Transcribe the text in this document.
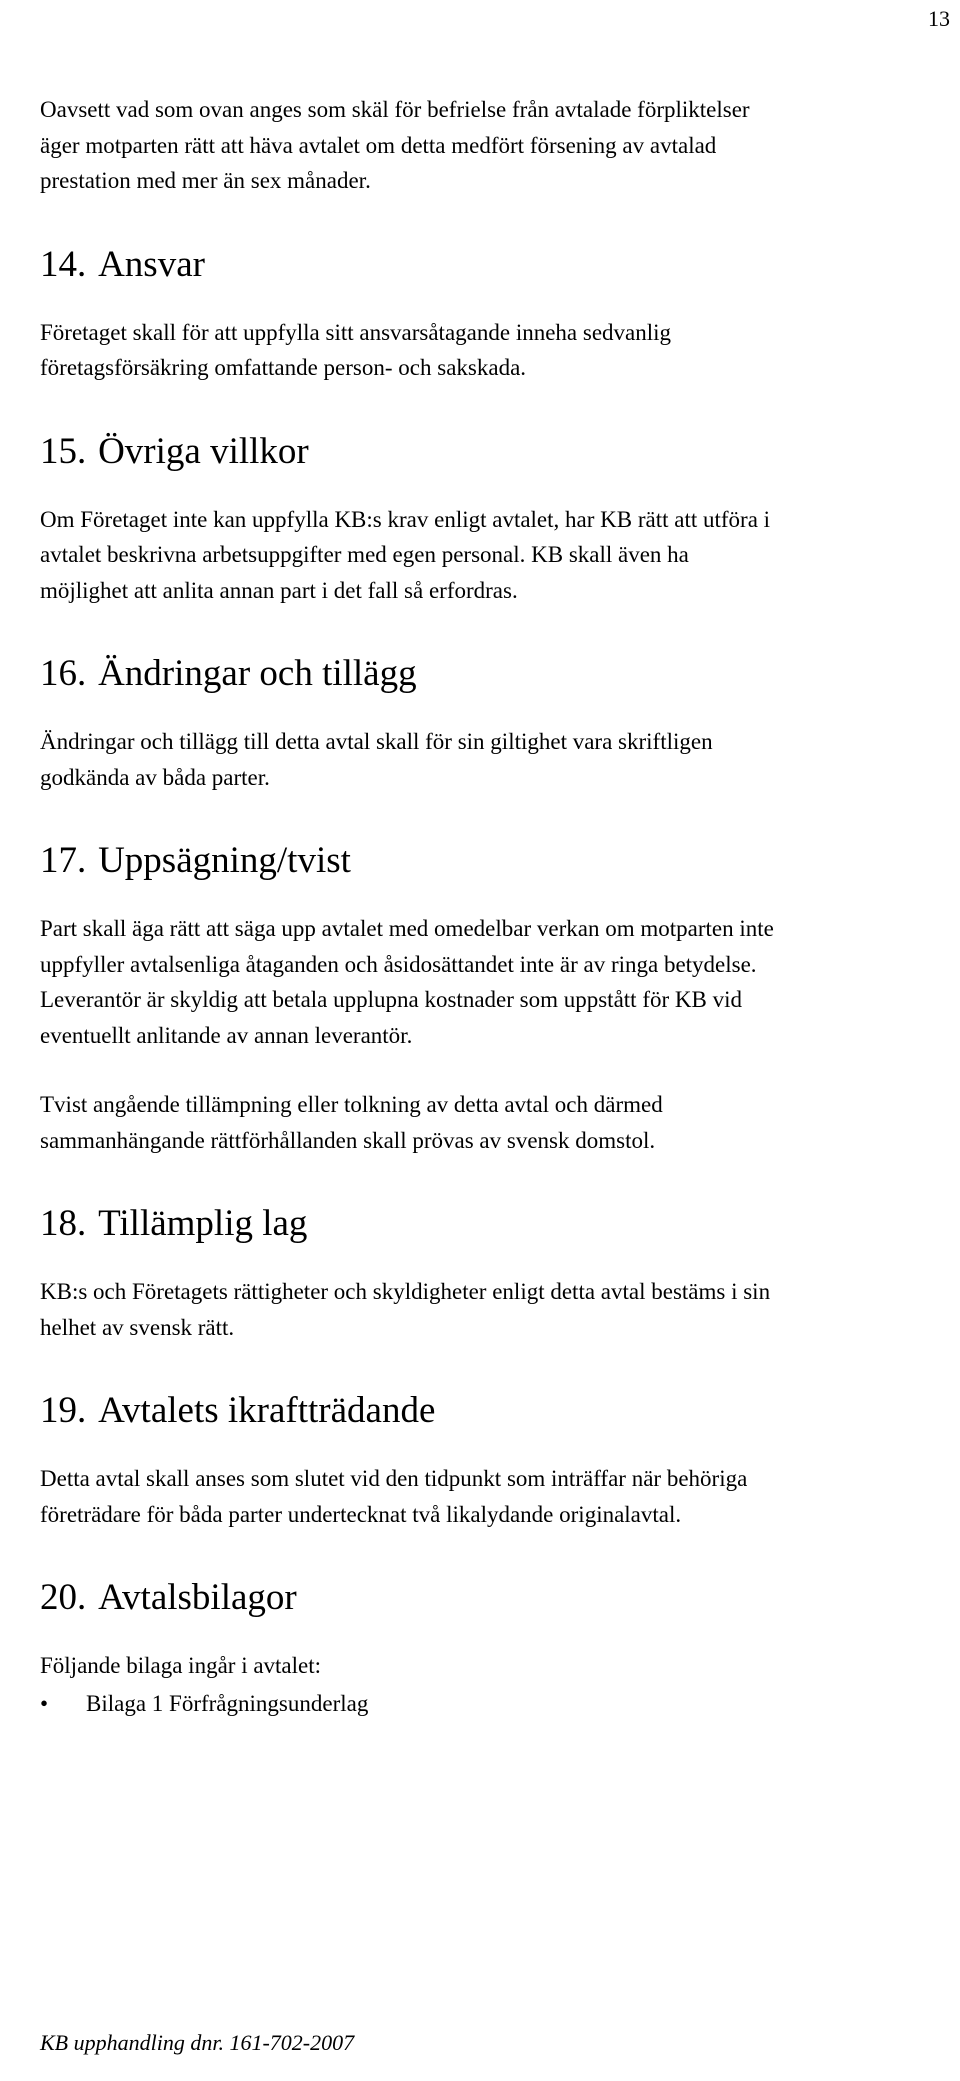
13

Oavsett vad som ovan anges som skäl för befrielse från avtalade förpliktelser
äger motparten rätt att häva avtalet om detta medfört försening av avtalad
prestation med mer än sex månader.

14. Ansvar

Företaget skall för att uppfylla sitt ansvarsåtagande inneha sedvanlig
företagsförsäkring omfattande person- och sakskada.

15. Övriga villkor

Om Företaget inte kan uppfylla KB:s krav enligt avtalet, har KB rätt att utföra i
avtalet beskrivna arbetsuppgifter med egen personal. KB skall även ha
möjlighet att anlita annan part i det fall så erfordras.

16. Ändringar och tillägg

Ändringar och tillägg till detta avtal skall för sin giltighet vara skriftligen
godkända av båda parter.

17. Uppsägning/tvist

Part skall äga rätt att säga upp avtalet med omedelbar verkan om motparten inte
uppfyller avtalsenliga åtaganden och åsidosättandet inte är av ringa betydelse.
Leverantör är skyldig att betala upplupna kostnader som uppstått för KB vid
eventuellt anlitande av annan leverantör.

Tvist angående tillämpning eller tolkning av detta avtal och därmed
sammanhängande rättförhållanden skall prövas av svensk domstol.

18. Tillämplig lag

KB:s och Företagets rättigheter och skyldigheter enligt detta avtal bestäms i sin
helhet av svensk rätt.

19. Avtalets ikraftträdande

Detta avtal skall anses som slutet vid den tidpunkt som inträffar när behöriga
företrädare för båda parter undertecknat två likalydande originalavtal.

20. Avtalsbilagor

Följande bilaga ingår i avtalet:

• Bilaga 1 Förfrågningsunderlag
KB upphandling dnr. 161-702-2007
